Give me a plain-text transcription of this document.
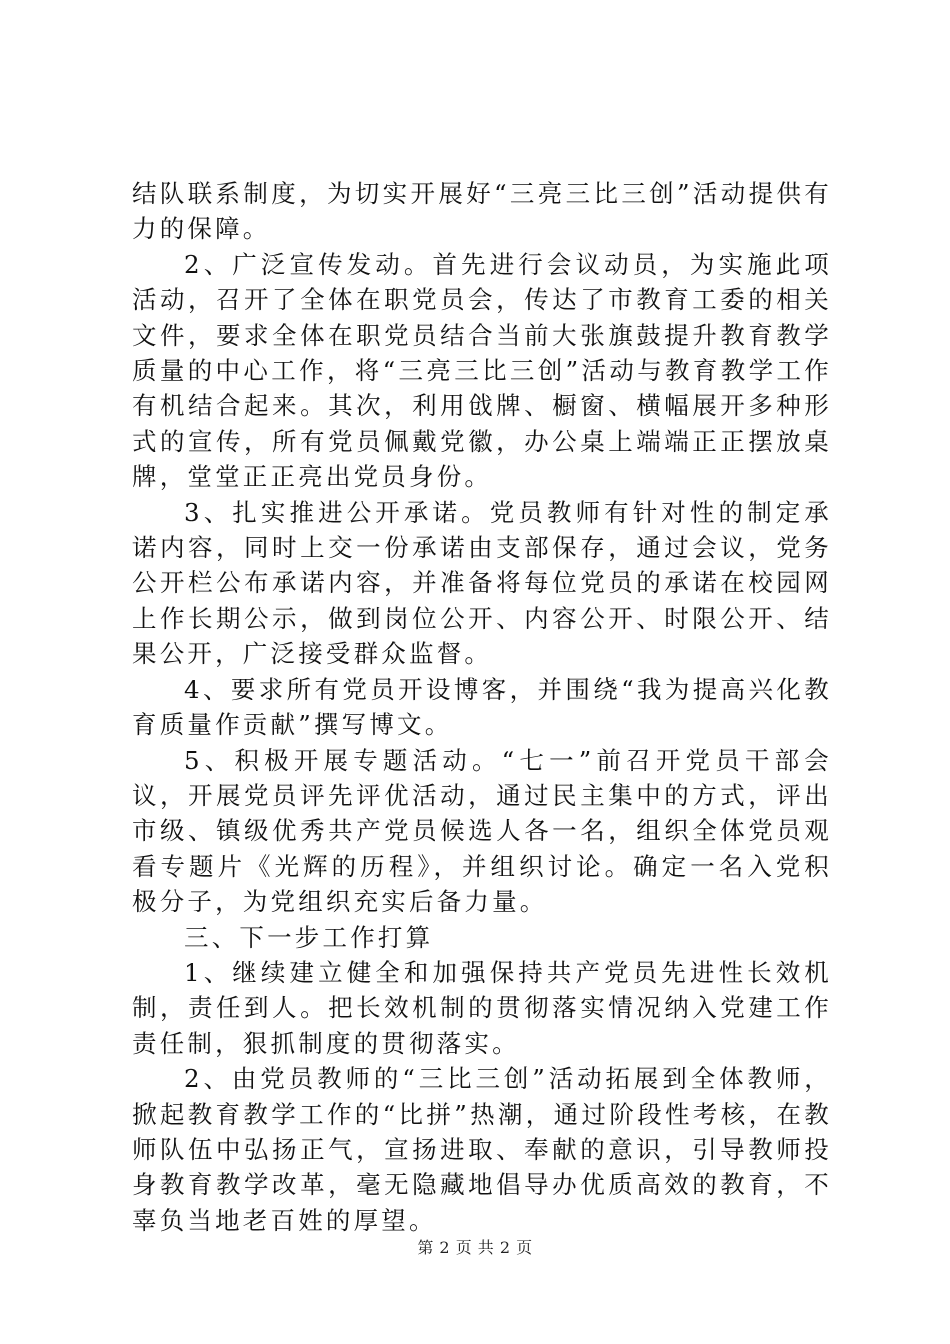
结队联系制度，为切实开展好“三亮三比三创”活动提供有力的保障。

2、广泛宣传发动。首先进行会议动员，为实施此项活动，召开了全体在职党员会，传达了市教育工委的相关文件，要求全体在职党员结合当前大张旗鼓提升教育教学质量的中心工作，将“三亮三比三创”活动与教育教学工作有机结合起来。其次，利用戗牌、橱窗、横幅展开多种形式的宣传，所有党员佩戴党徽，办公桌上端端正正摆放桌牌，堂堂正正亮出党员身份。

3、扎实推进公开承诺。党员教师有针对性的制定承诺内容，同时上交一份承诺由支部保存，通过会议，党务公开栏公布承诺内容，并准备将每位党员的承诺在校园网上作长期公示，做到岗位公开、内容公开、时限公开、结果公开，广泛接受群众监督。

4、要求所有党员开设博客，并围绕“我为提高兴化教育质量作贡献”撰写博文。

5、积极开展专题活动。“七一”前召开党员干部会议，开展党员评先评优活动，通过民主集中的方式，评出市级、镇级优秀共产党员候选人各一名，组织全体党员观看专题片《光辉的历程》，并组织讨论。确定一名入党积极分子，为党组织充实后备力量。

三、下一步工作打算

1、继续建立健全和加强保持共产党员先进性长效机制，责任到人。把长效机制的贯彻落实情况纳入党建工作责任制，狠抓制度的贯彻落实。

2、由党员教师的“三比三创”活动拓展到全体教师，掀起教育教学工作的“比拼”热潮，通过阶段性考核，在教师队伍中弘扬正气，宣扬进取、奉献的意识，引导教师投身教育教学改革，毫无隐藏地倡导办优质高效的教育，不辜负当地老百姓的厚望。

第 2 页 共 2 页
